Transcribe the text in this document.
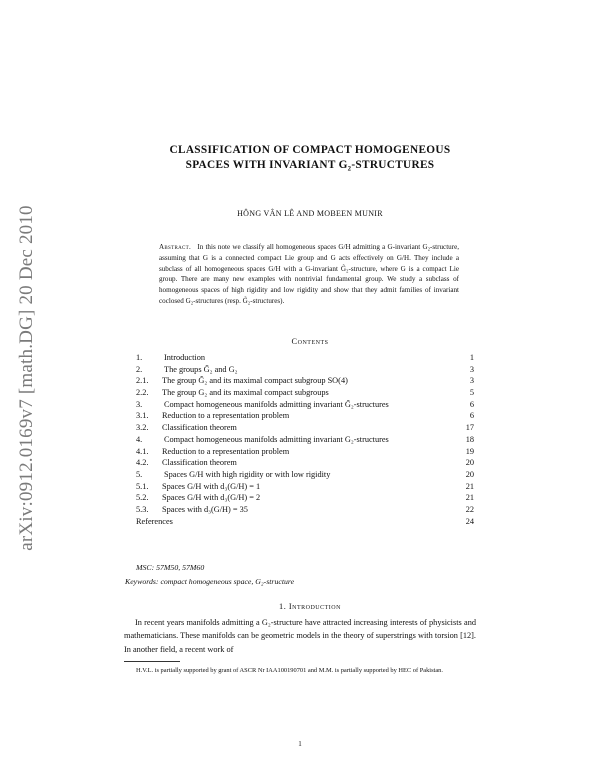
arXiv:0912.0169v7 [math.DG] 20 Dec 2010
CLASSIFICATION OF COMPACT HOMOGENEOUS
SPACES WITH INVARIANT G₂-STRUCTURES
HÔNG VÂN LÊ AND MOBEEN MUNIR

Abstract. In this note we classify all homogeneous spaces G/H admitting a G-invariant G₂-structure, assuming that G is a connected compact Lie group and G acts effectively on G/H. They include a subclass of all homogeneous spaces G/H with a G-invariant G̃₂-structure, where G is a compact Lie group. There are many new examples with nontrivial fundamental group. We study a subclass of homogeneous spaces of high rigidity and low rigidity and show that they admit families of invariant coclosed G₂-structures (resp. G̃₂-structures).

Contents
1.	Introduction	1
2.	The groups G̃₂ and G₂	3
2.1. The group G̃₂ and its maximal compact subgroup SO(4)	3
2.2. The group G₂ and its maximal compact subgroups	5
3.	Compact homogeneous manifolds admitting invariant G̃₂-structures	6
3.1. Reduction to a representation problem	6
3.2. Classification theorem	17
4.	Compact homogeneous manifolds admitting invariant G₂-structures	18
4.1. Reduction to a representation problem	19
4.2. Classification theorem	20
5.	Spaces G/H with high rigidity or with low rigidity	20
5.1. Spaces G/H with d₃(G/H) = 1	21
5.2. Spaces G/H with d₃(G/H) = 2	21
5.3. Spaces with d₃(G/H) = 35	22
References	24
MSC: 57M50, 57M60
Keywords: compact homogeneous space, G₂-structure
1. Introduction

In recent years manifolds admitting a G₂-structure have attracted increasing interests of physicists and mathematicians. These manifolds can be geometric models in the theory of superstrings with torsion [12]. In another field, a recent work of

H.V.L. is partially supported by grant of ASCR Nr IAA100190701 and M.M. is partially supported by HEC of Pakistan.

1
